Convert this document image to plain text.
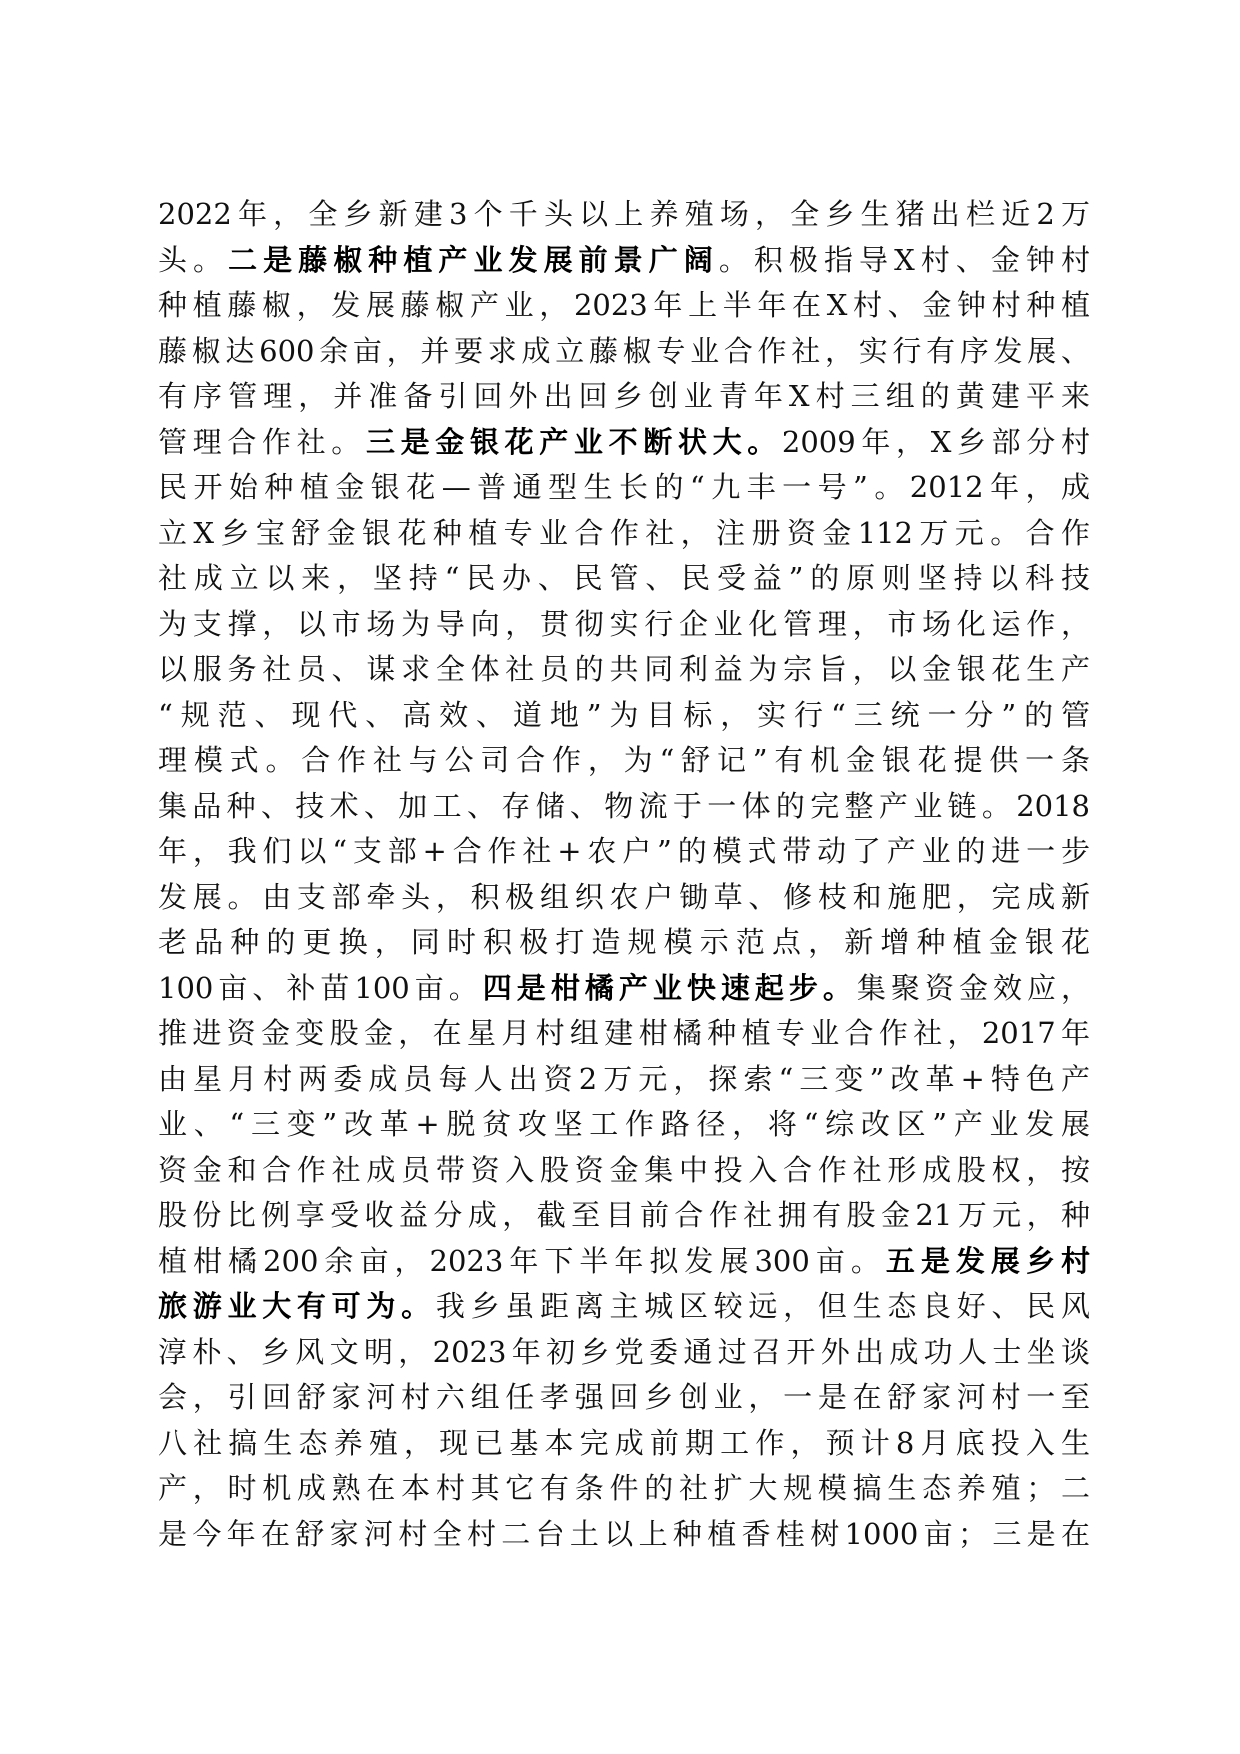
2022年，全乡新建3个千头以上养殖场，全乡生猪出栏近2万
头。二是藤椒种植产业发展前景广阔。积极指导X村、金钟村
种植藤椒，发展藤椒产业，2023年上半年在X村、金钟村种植
藤椒达600余亩，并要求成立藤椒专业合作社，实行有序发展、
有序管理，并准备引回外出回乡创业青年X村三组的黄建平来
管理合作社。三是金银花产业不断状大。2009年，X乡部分村
民开始种植金银花—普通型生长的“九丰一号”。2012年，成
立X乡宝舒金银花种植专业合作社，注册资金112万元。合作
社成立以来，坚持“民办、民管、民受益”的原则坚持以科技
为支撑，以市场为导向，贯彻实行企业化管理，市场化运作，
以服务社员、谋求全体社员的共同利益为宗旨，以金银花生产
“规范、现代、高效、道地”为目标，实行“三统一分”的管
理模式。合作社与公司合作，为“舒记”有机金银花提供一条
集品种、技术、加工、存储、物流于一体的完整产业链。2018
年，我们以“支部+合作社+农户”的模式带动了产业的进一步
发展。由支部牵头，积极组织农户锄草、修枝和施肥，完成新
老品种的更换，同时积极打造规模示范点，新增种植金银花
100亩、补苗100亩。四是柑橘产业快速起步。集聚资金效应，
推进资金变股金，在星月村组建柑橘种植专业合作社，2017年
由星月村两委成员每人出资2万元，探索“三变”改革+特色产
业、“三变”改革+脱贫攻坚工作路径，将“综改区”产业发展
资金和合作社成员带资入股资金集中投入合作社形成股权，按
股份比例享受收益分成，截至目前合作社拥有股金21万元，种
植柑橘200余亩，2023年下半年拟发展300亩。五是发展乡村
旅游业大有可为。我乡虽距离主城区较远，但生态良好、民风
淳朴、乡风文明，2023年初乡党委通过召开外出成功人士坐谈
会，引回舒家河村六组任孝强回乡创业，一是在舒家河村一至
八社搞生态养殖，现已基本完成前期工作，预计8月底投入生
产，时机成熟在本村其它有条件的社扩大规模搞生态养殖；二
是今年在舒家河村全村二台土以上种植香桂树1000亩；三是在
